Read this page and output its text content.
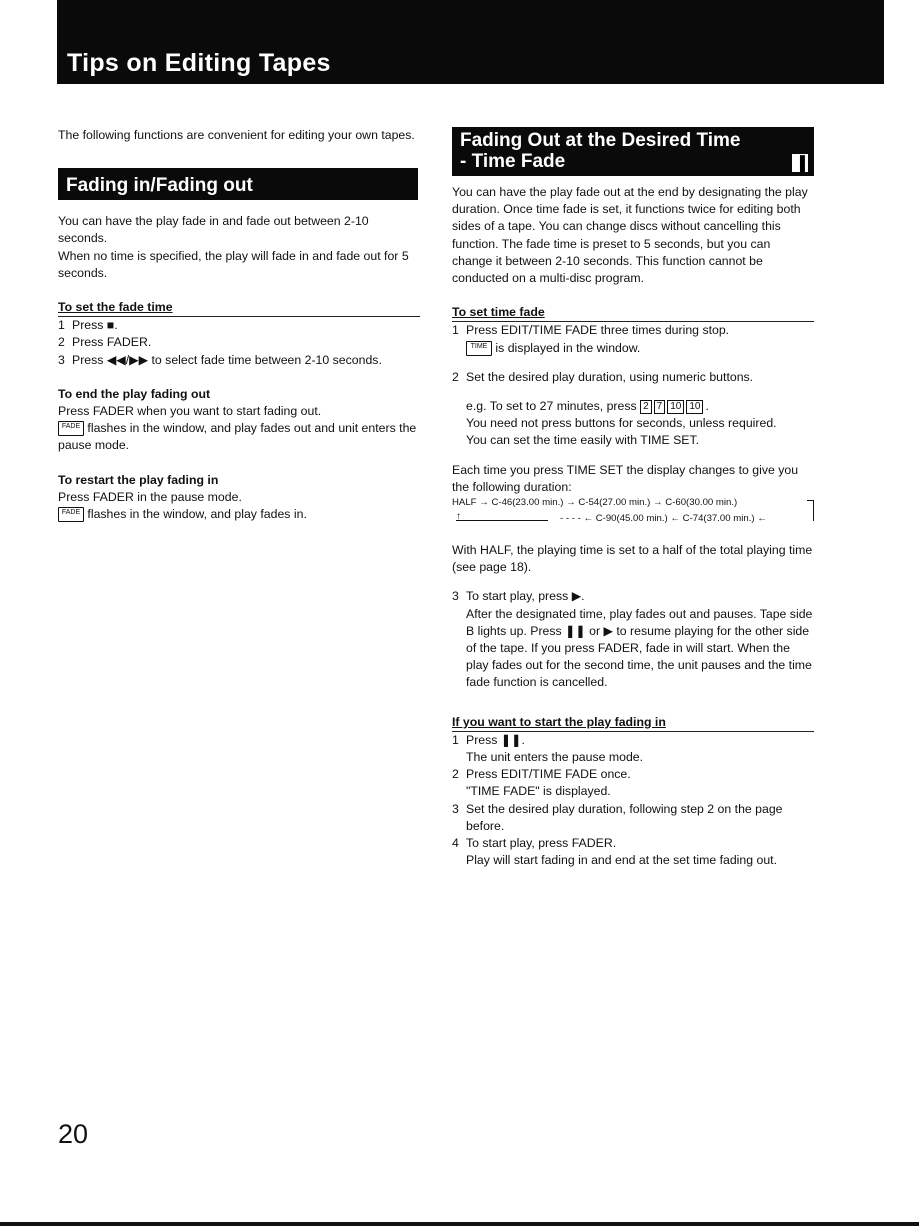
Tips on Editing Tapes

The following functions are convenient for editing your own tapes.

Fading in/Fading out

You can have the play fade in and fade out between 2-10 seconds.

When no time is specified, the play will fade in and fade out for 5 seconds.

To set the fade time
1 Press ■.
2 Press FADER.
3 Press ◀◀/▶▶ to select fade time between 2-10 seconds.
To end the play fading out

Press FADER when you want to start fading out.

FADE flashes in the window, and play fades out and unit enters the pause mode.

To restart the play fading in

Press FADER in the pause mode.

FADE flashes in the window, and play fades in.

Fading Out at the Desired Time
- Time Fade	▐

You can have the play fade out at the end by designating the play duration. Once time fade is set, it functions twice for editing both sides of a tape. You can change discs without cancelling this function. The fade time is preset to 5 seconds, but you can change it between 2-10 seconds. This function cannot be conducted on a multi-disc program.

To set time fade
1 Press EDIT/TIME FADE three times during stop.
TIME is displayed in the window.
2 Set the desired play duration, using numeric buttons.

e.g. To set to 27 minutes, press 2 7 10 10 .

You need not press buttons for seconds, unless required.

You can set the time easily with TIME SET.

Each time you press TIME SET the display changes to give you the following duration:

HALF → C-46(23.00 min.) → C-54(27.00 min.) → C-60(30.00 min.)

↑	- - - - ← C-90(45.00 min.) ← C-74(37.00 min.) ←

With HALF, the playing time is set to a half of the total playing time (see page 18).

3 To start play, press ▶.
After the designated time, play fades out and pauses. Tape side B lights up. Press ❚❚ or ▶ to resume playing for the other side of the tape. If you press FADER, fade in will start. When the play fades out for the second time, the unit pauses and the time fade function is cancelled.
If you want to start the play fading in
1 Press ❚❚.
The unit enters the pause mode.
2 Press EDIT/TIME FADE once.
"TIME FADE" is displayed.
3 Set the desired play duration, following step 2 on the page before.
4 To start play, press FADER.
Play will start fading in and end at the set time fading out.
20
